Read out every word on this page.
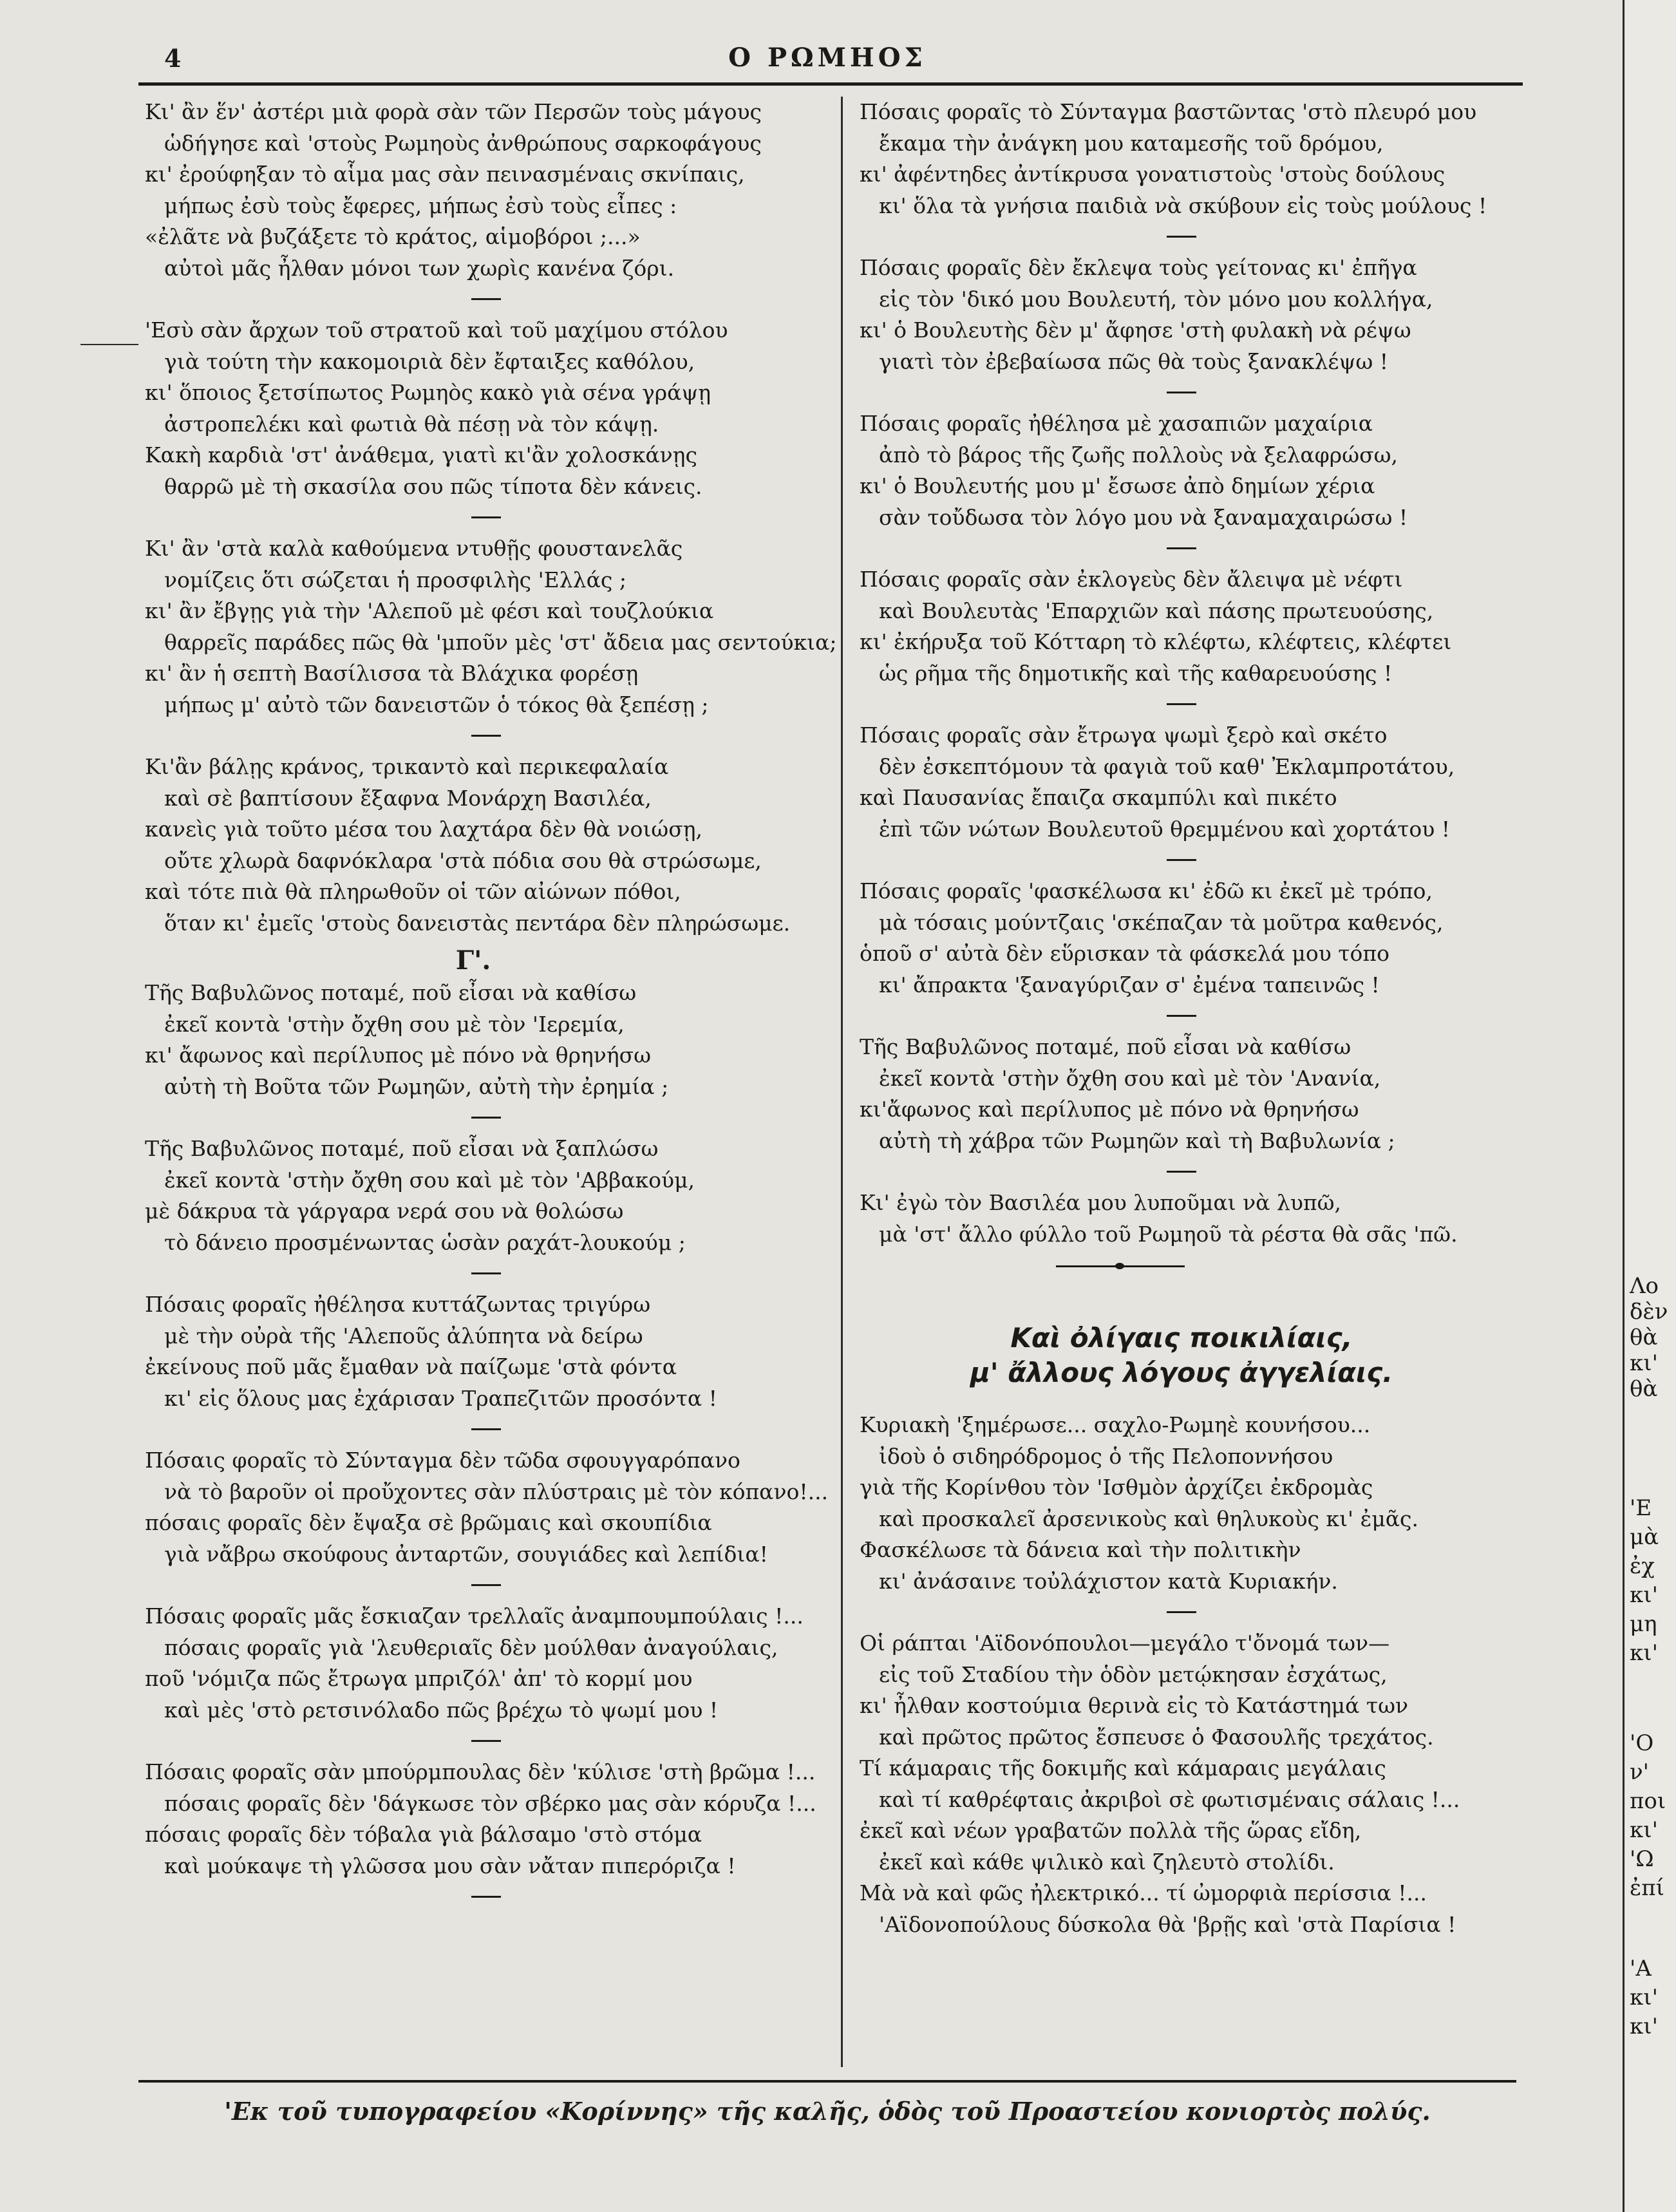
4	Ο ΡΩΜΗΟΣ
Κι' ἂν ἕν' ἀστέρι μιὰ φορὰ σὰν τῶν Περσῶν τοὺς μάγους
ὡδήγησε καὶ 'στοὺς Ρωμηοὺς ἀνθρώπους σαρκοφάγους
κι' ἐρούφηξαν τὸ αἷμα μας σὰν πεινασμέναις σκνίπαις,
μήπως ἐσὺ τοὺς ἔφερες, μήπως ἐσὺ τοὺς εἶπες :
«ἐλᾶτε νὰ βυζάξετε τὸ κράτος, αἱμοβόροι ;...»
αὐτοὶ μᾶς ἦλθαν μόνοι των χωρὶς κανένα ζόρι.
'Εσὺ σὰν ἄρχων τοῦ στρατοῦ καὶ τοῦ μαχίμου στόλου
γιὰ τούτη τὴν κακομοιριὰ δὲν ἔφταιξες καθόλου,
κι' ὅποιος ξετσίπωτος Ρωμηὸς κακὸ γιὰ σένα γράψῃ
ἀστροπελέκι καὶ φωτιὰ θὰ πέσῃ νὰ τὸν κάψῃ.
Κακὴ καρδιὰ 'στ' ἀνάθεμα, γιατὶ κι'ἂν χολοσκάνῃς
θαρρῶ μὲ τὴ σκασίλα σου πῶς τίποτα δὲν κάνεις.
Κι' ἂν 'στὰ καλὰ καθούμενα ντυθῇς φουστανελᾶς
νομίζεις ὅτι σώζεται ἡ προσφιλὴς 'Ελλάς ;
κι' ἂν ἔβγῃς γιὰ τὴν 'Αλεποῦ μὲ φέσι καὶ τουζλούκια
θαρρεῖς παράδες πῶς θὰ 'μποῦν μὲς 'στ' ἄδεια μας σεντούκια;
κι' ἂν ἡ σεπτὴ Βασίλισσα τὰ Βλάχικα φορέσῃ
μήπως μ' αὐτὸ τῶν δανειστῶν ὁ τόκος θὰ ξεπέσῃ ;
Κι'ἂν βάλῃς κράνος, τρικαντὸ καὶ περικεφαλαία
καὶ σὲ βαπτίσουν ἔξαφνα Μονάρχη Βασιλέα,
κανεὶς γιὰ τοῦτο μέσα του λαχτάρα δὲν θὰ νοιώσῃ,
οὔτε χλωρὰ δαφνόκλαρα 'στὰ πόδια σου θὰ στρώσωμε,
καὶ τότε πιὰ θὰ πληρωθοῦν οἱ τῶν αἰώνων πόθοι,
ὅταν κι' ἐμεῖς 'στοὺς δανειστὰς πεντάρα δὲν πληρώσωμε.
Γ'.
Τῆς Βαβυλῶνος ποταμέ, ποῦ εἶσαι νὰ καθίσω
ἐκεῖ κοντὰ 'στὴν ὄχθη σου μὲ τὸν 'Ιερεμία,
κι' ἄφωνος καὶ περίλυπος μὲ πόνο νὰ θρηνήσω
αὐτὴ τὴ Βοῦτα τῶν Ρωμηῶν, αὐτὴ τὴν ἐρημία ;
Τῆς Βαβυλῶνος ποταμέ, ποῦ εἶσαι νὰ ξαπλώσω
ἐκεῖ κοντὰ 'στὴν ὄχθη σου καὶ μὲ τὸν 'Αββακούμ,
μὲ δάκρυα τὰ γάργαρα νερά σου νὰ θολώσω
τὸ δάνειο προσμένωντας ὡσὰν ραχάτ-λουκούμ ;
Πόσαις φοραῖς ἠθέλησα κυττάζωντας τριγύρω
μὲ τὴν οὐρὰ τῆς 'Αλεποῦς ἀλύπητα νὰ δείρω
ἐκείνους ποῦ μᾶς ἔμαθαν νὰ παίζωμε 'στὰ φόντα
κι' εἰς ὅλους μας ἐχάρισαν Τραπεζιτῶν προσόντα !
Πόσαις φοραῖς τὸ Σύνταγμα δὲν τῶδα σφουγγαρόπανο
νὰ τὸ βαροῦν οἱ προὔχοντες σὰν πλύστραις μὲ τὸν κόπανο!...
πόσαις φοραῖς δὲν ἔψαξα σὲ βρῶμαις καὶ σκουπίδια
γιὰ νἄβρω σκούφους ἀνταρτῶν, σουγιάδες καὶ λεπίδια!
Πόσαις φοραῖς μᾶς ἔσκιαζαν τρελλαῖς ἀναμπουμπούλαις !...
πόσαις φοραῖς γιὰ 'λευθεριαῖς δὲν μούλθαν ἀναγούλαις,
ποῦ 'νόμιζα πῶς ἔτρωγα μπριζόλ' ἀπ' τὸ κορμί μου
καὶ μὲς 'στὸ ρετσινόλαδο πῶς βρέχω τὸ ψωμί μου !
Πόσαις φοραῖς σὰν μπούρμπουλας δὲν 'κύλισε 'στὴ βρῶμα !...
πόσαις φοραῖς δὲν 'δάγκωσε τὸν σβέρκο μας σὰν κόρυζα !...
πόσαις φοραῖς δὲν τόβαλα γιὰ βάλσαμο 'στὸ στόμα
καὶ μούκαψε τὴ γλῶσσα μου σὰν νἄταν πιπερόριζα !
Πόσαις φοραῖς τὸ Σύνταγμα βαστῶντας 'στὸ πλευρό μου
ἔκαμα τὴν ἀνάγκη μου καταμεσῆς τοῦ δρόμου,
κι' ἀφέντηδες ἀντίκρυσα γονατιστοὺς 'στοὺς δούλους
κι' ὅλα τὰ γνήσια παιδιὰ νὰ σκύβουν εἰς τοὺς μούλους !
Πόσαις φοραῖς δὲν ἔκλεψα τοὺς γείτονας κι' ἐπῆγα
εἰς τὸν 'δικό μου Βουλευτή, τὸν μόνο μου κολλήγα,
κι' ὁ Βουλευτὴς δὲν μ' ἄφησε 'στὴ φυλακὴ νὰ ρέψω
γιατὶ τὸν ἐβεβαίωσα πῶς θὰ τοὺς ξανακλέψω !
Πόσαις φοραῖς ἠθέλησα μὲ χασαπιῶν μαχαίρια
ἀπὸ τὸ βάρος τῆς ζωῆς πολλοὺς νὰ ξελαφρώσω,
κι' ὁ Βουλευτής μου μ' ἔσωσε ἀπὸ δημίων χέρια
σὰν τοὔδωσα τὸν λόγο μου νὰ ξαναμαχαιρώσω !
Πόσαις φοραῖς σὰν ἐκλογεὺς δὲν ἄλειψα μὲ νέφτι
καὶ Βουλευτὰς 'Επαρχιῶν καὶ πάσης πρωτευούσης,
κι' ἐκήρυξα τοῦ Κότταρη τὸ κλέφτω, κλέφτεις, κλέφτει
ὡς ρῆμα τῆς δημοτικῆς καὶ τῆς καθαρευούσης !
Πόσαις φοραῖς σὰν ἔτρωγα ψωμὶ ξερὸ καὶ σκέτο
δὲν ἐσκεπτόμουν τὰ φαγιὰ τοῦ καθ' Ἐκλαμπροτάτου,
καὶ Παυσανίας ἔπαιζα σκαμπύλι καὶ πικέτο
ἐπὶ τῶν νώτων Βουλευτοῦ θρεμμένου καὶ χορτάτου !
Πόσαις φοραῖς 'φασκέλωσα κι' ἐδῶ κι ἐκεῖ μὲ τρόπο,
μὰ τόσαις μούντζαις 'σκέπαζαν τὰ μοῦτρα καθενός,
ὁποῦ σ' αὐτὰ δὲν εὕρισκαν τὰ φάσκελά μου τόπο
κι' ἄπρακτα 'ξαναγύριζαν σ' ἐμένα ταπεινῶς !
Τῆς Βαβυλῶνος ποταμέ, ποῦ εἶσαι νὰ καθίσω
ἐκεῖ κοντὰ 'στὴν ὄχθη σου καὶ μὲ τὸν 'Ανανία,
κι'ἄφωνος καὶ περίλυπος μὲ πόνο νὰ θρηνήσω
αὐτὴ τὴ χάβρα τῶν Ρωμηῶν καὶ τὴ Βαβυλωνία ;
Κι' ἐγὼ τὸν Βασιλέα μου λυποῦμαι νὰ λυπῶ,
μὰ 'στ' ἄλλο φύλλο τοῦ Ρωμηοῦ τὰ ρέστα θὰ σᾶς 'πῶ.
Καὶ ὀλίγαις ποικιλίαις,
μ' ἄλλους λόγους ἀγγελίαις.
Κυριακὴ 'ξημέρωσε... σαχλο-Ρωμηὲ κουνήσου...
ἰδοὺ ὁ σιδηρόδρομος ὁ τῆς Πελοποννήσου
γιὰ τῆς Κορίνθου τὸν 'Ισθμὸν ἀρχίζει ἐκδρομὰς
καὶ προσκαλεῖ ἀρσενικοὺς καὶ θηλυκοὺς κι' ἐμᾶς.
Φασκέλωσε τὰ δάνεια καὶ τὴν πολιτικὴν
κι' ἀνάσαινε τοὐλάχιστον κατὰ Κυριακήν.
Οἱ ράπται 'Αϊδονόπουλοι—μεγάλο τ'ὄνομά των—
εἰς τοῦ Σταδίου τὴν ὁδὸν μετῴκησαν ἐσχάτως,
κι' ἦλθαν κοστούμια θερινὰ εἰς τὸ Κατάστημά των
καὶ πρῶτος πρῶτος ἔσπευσε ὁ Φασουλῆς τρεχάτος.
Τί κάμαραις τῆς δοκιμῆς καὶ κάμαραις μεγάλαις
καὶ τί καθρέφταις ἀκριβοὶ σὲ φωτισμέναις σάλαις !...
ἐκεῖ καὶ νέων γραβατῶν πολλὰ τῆς ὥρας εἴδη,
ἐκεῖ καὶ κάθε ψιλικὸ καὶ ζηλευτὸ στολίδι.
Μὰ νὰ καὶ φῶς ἠλεκτρικό... τί ὠμορφιὰ περίσσια !...
'Αϊδονοπούλους δύσκολα θὰ 'βρῇς καὶ 'στὰ Παρίσια !
'Εκ τοῦ τυπογραφείου «Κορίννης» τῆς καλῆς, ὁδὸς τοῦ Προαστείου κονιορτὸς πολύς.
Λο
δὲν
θὰ
κι'
θὰ
'Ε
μὰ
ἐχ
κι'
μη
κι'
'Ο
ν'
ποι
κι'
'Ω
ἐπί
'Α
κι'
κι'
